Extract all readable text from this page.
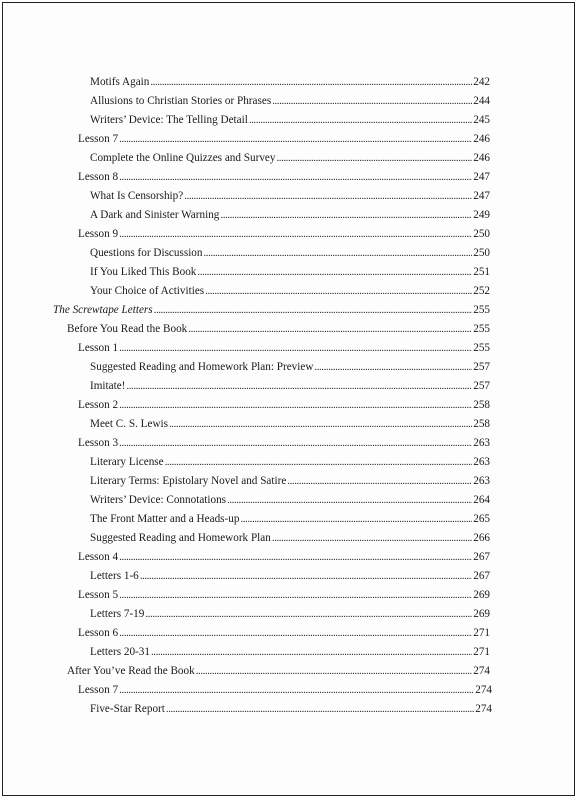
Motifs Again . . .	242
Allusions to Christian Stories or Phrases . . .	244
Writers’ Device: The Telling Detail . . .	245
Lesson 7 . . .	246
Complete the Online Quizzes and Survey . . .	246
Lesson 8 . . .	247
What Is Censorship? . . .	247
A Dark and Sinister Warning . . .	249
Lesson 9 . . .	250
Questions for Discussion . . .	250
If You Liked This Book . . .	251
Your Choice of Activities . . .	252
The Screwtape Letters . . .	255
Before You Read the Book . . .	255
Lesson 1 . . .	255
Suggested Reading and Homework Plan: Preview . . .	257
Imitate! . . .	257
Lesson 2 . . .	258
Meet C. S. Lewis . . .	258
Lesson 3 . . .	263
Literary License . . .	263
Literary Terms: Epistolary Novel and Satire . . .	263
Writers’ Device: Connotations . . .	264
The Front Matter and a Heads-up . . .	265
Suggested Reading and Homework Plan . . .	266
Lesson 4 . . .	267
Letters 1-6 . . .	267
Lesson 5 . . .	269
Letters 7-19 . . .	269
Lesson 6 . . .	271
Letters 20-31 . . .	271
After You’ve Read the Book . . .	274
Lesson 7 . . .	274
Five-Star Report . . .	274
